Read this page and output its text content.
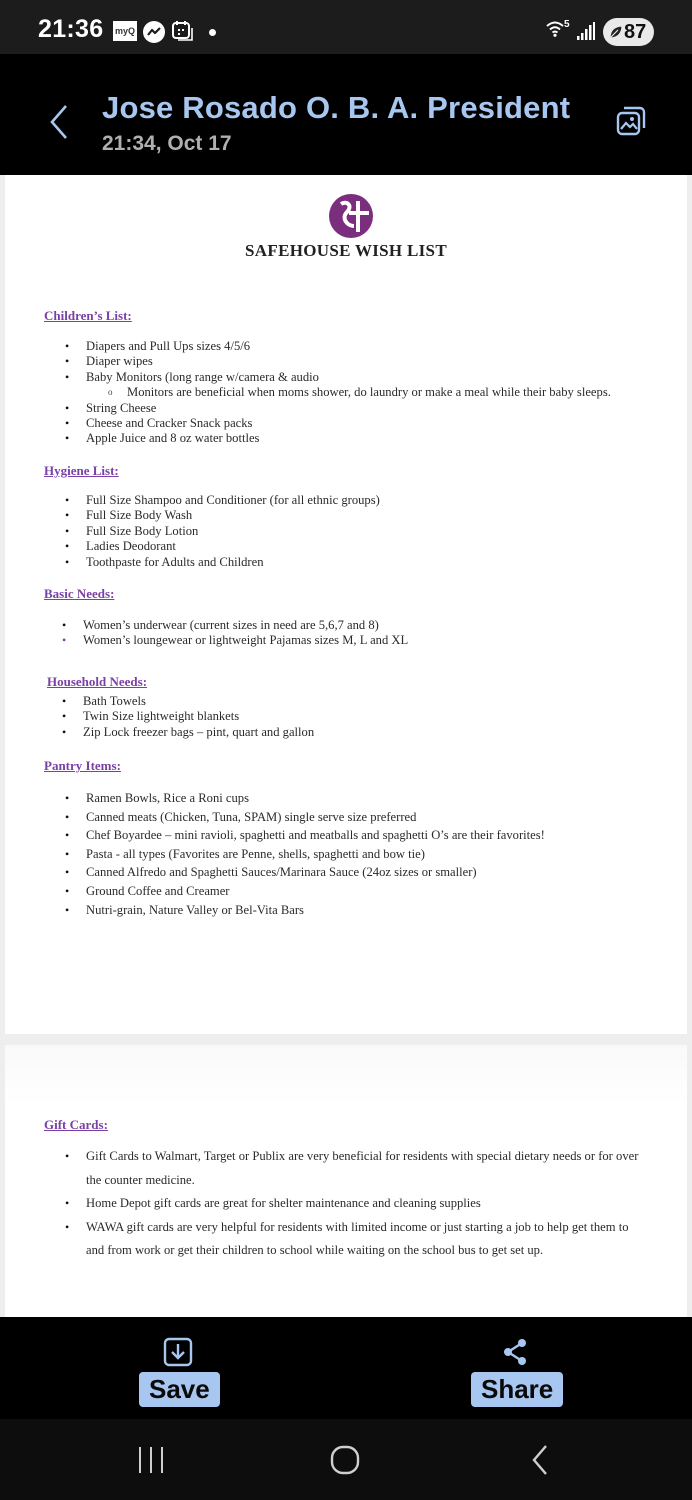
21:36 myQ
5	87
Jose Rosado O. B. A. President
21:34, Oct 17
SAFEHOUSE WISH LIST
Children’s List:
• Diapers and Pull Ups sizes 4/5/6
• Diaper wipes
• Baby Monitors (long range w/camera & audio
o Monitors are beneficial when moms shower, do laundry or make a meal while their baby sleeps.
• String Cheese
• Cheese and Cracker Snack packs
• Apple Juice and 8 oz water bottles
Hygiene List:
• Full Size Shampoo and Conditioner (for all ethnic groups)
• Full Size Body Wash
• Full Size Body Lotion
• Ladies Deodorant
• Toothpaste for Adults and Children
Basic Needs:
• Women’s underwear (current sizes in need are 5,6,7 and 8)
• Women’s loungewear or lightweight Pajamas sizes M, L and XL
Household Needs:
• Bath Towels
• Twin Size lightweight blankets
• Zip Lock freezer bags – pint, quart and gallon
Pantry Items:
• Ramen Bowls, Rice a Roni cups
• Canned meats (Chicken, Tuna, SPAM) single serve size preferred
• Chef Boyardee – mini ravioli, spaghetti and meatballs and spaghetti O’s are their favorites!
• Pasta - all types (Favorites are Penne, shells, spaghetti and bow tie)
• Canned Alfredo and Spaghetti Sauces/Marinara Sauce (24oz sizes or smaller)
• Ground Coffee and Creamer
• Nutri-grain, Nature Valley or Bel-Vita Bars
Gift Cards:
• Gift Cards to Walmart, Target or Publix are very beneficial for residents with special dietary needs or for over the counter medicine.
• Home Depot gift cards are great for shelter maintenance and cleaning supplies
• WAWA gift cards are very helpful for residents with limited income or just starting a job to help get them to and from work or get their children to school while waiting on the school bus to get set up.
Save	Share
